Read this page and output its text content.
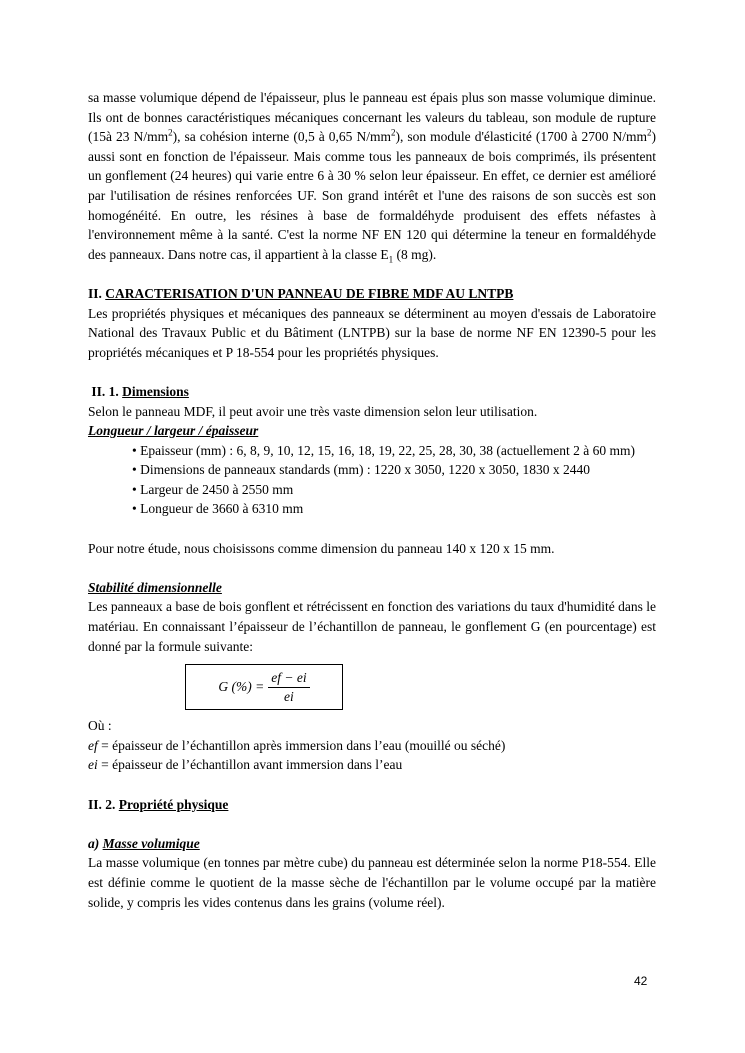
sa masse volumique dépend de l'épaisseur, plus le panneau est épais plus son masse volumique diminue. Ils ont de bonnes caractéristiques mécaniques concernant les valeurs du tableau, son module de rupture (15à 23 $N/mm^2$), sa cohésion interne (0,5 à 0,65 $N/mm^2$), son module d'élasticité (1700 à 2700 $N/mm^2$) aussi sont en fonction de l'épaisseur. Mais comme tous les panneaux de bois comprimés, ils présentent un gonflement (24 heures) qui varie entre 6 à 30 % selon leur épaisseur. En effet, ce dernier est amélioré par l'utilisation de résines renforcées UF. Son grand intérêt et l'une des raisons de son succès est son homogénéité. En outre, les résines à base de formaldéhyde produisent des effets néfastes à l'environnement même à la santé. C'est la norme NF EN 120 qui détermine la teneur en formaldéhyde des panneaux. Dans notre cas, il appartient à la classe $E_1$ (8 mg).

II. CARACTERISATION D'UN PANNEAU DE FIBRE MDF AU LNTPB

Les propriétés physiques et mécaniques des panneaux se déterminent au moyen d'essais de Laboratoire National des Travaux Public et du Bâtiment (LNTPB) sur la base de norme NF EN 12390-5 pour les propriétés mécaniques et P 18-554 pour les propriétés physiques.

II. 1. Dimensions

Selon le panneau MDF, il peut avoir une très vaste dimension selon leur utilisation.

Longueur / largeur / épaisseur

• Epaisseur (mm) : 6, 8, 9, 10, 12, 15, 16, 18, 19, 22, 25, 28, 30, 38 (actuellement 2 à 60 mm)

• Dimensions de panneaux standards (mm) : 1220 x 3050, 1220 x 3050, 1830 x 2440

• Largeur de 2450 à 2550 mm

• Longueur de 3660 à 6310 mm

Pour notre étude, nous choisissons comme dimension du panneau 140 x 120 x 15 mm.

Stabilité dimensionnelle

Les panneaux a base de bois gonflent et rétrécissent en fonction des variations du taux d'humidité dans le matériau. En connaissant l’épaisseur de l’échantillon de panneau, le gonflement G (en pourcentage) est donné par la formule suivante:

G (%) = $\frac{ef - ei}{ei}$

Où :

ef = épaisseur de l’échantillon après immersion dans l’eau (mouillé ou séché)

ei = épaisseur de l’échantillon avant immersion dans l’eau

II. 2. Propriété physique

a) Masse volumique

La masse volumique (en tonnes par mètre cube) du panneau est déterminée selon la norme P18-554. Elle est définie comme le quotient de la masse sèche de l'échantillon par le volume occupé par la matière solide, y compris les vides contenus dans les grains (volume réel).

42
